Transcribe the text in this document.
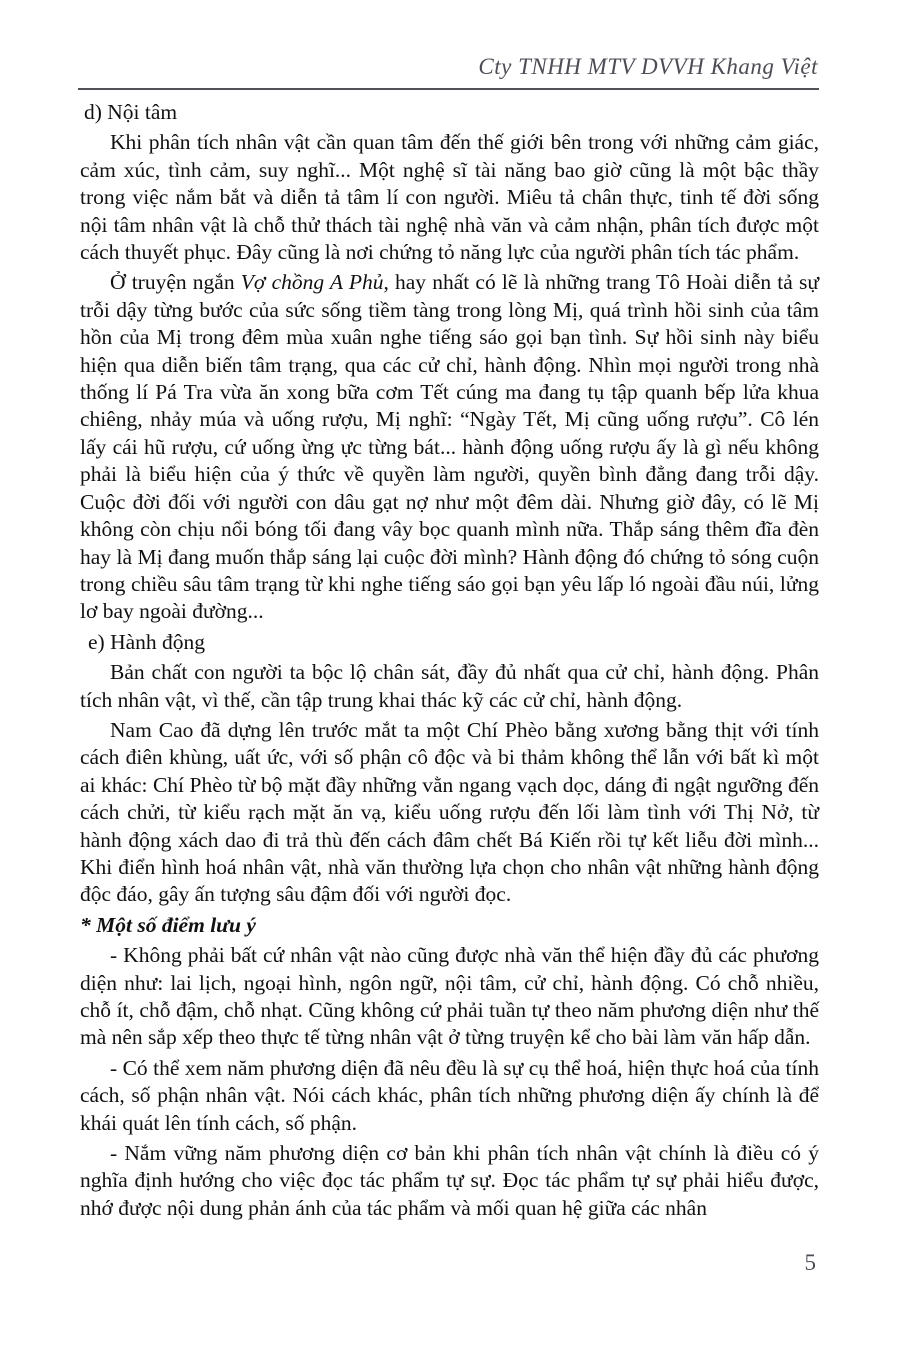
Cty TNHH MTV DVVH Khang Việt

d) Nội tâm

Khi phân tích nhân vật cần quan tâm đến thế giới bên trong với những cảm giác, cảm xúc, tình cảm, suy nghĩ... Một nghệ sĩ tài năng bao giờ cũng là một bậc thầy trong việc nắm bắt và diễn tả tâm lí con người. Miêu tả chân thực, tinh tế đời sống nội tâm nhân vật là chỗ thử thách tài nghệ nhà văn và cảm nhận, phân tích được một cách thuyết phục. Đây cũng là nơi chứng tỏ năng lực của người phân tích tác phẩm.

Ở truyện ngắn Vợ chồng A Phủ, hay nhất có lẽ là những trang Tô Hoài diễn tả sự trỗi dậy từng bước của sức sống tiềm tàng trong lòng Mị, quá trình hồi sinh của tâm hồn của Mị trong đêm mùa xuân nghe tiếng sáo gọi bạn tình. Sự hồi sinh này biểu hiện qua diễn biến tâm trạng, qua các cử chỉ, hành động. Nhìn mọi người trong nhà thống lí Pá Tra vừa ăn xong bữa cơm Tết cúng ma đang tụ tập quanh bếp lửa khua chiêng, nhảy múa và uống rượu, Mị nghĩ: “Ngày Tết, Mị cũng uống rượu”. Cô lén lấy cái hũ rượu, cứ uống ừng ực từng bát... hành động uống rượu ấy là gì nếu không phải là biểu hiện của ý thức về quyền làm người, quyền bình đẳng đang trỗi dậy. Cuộc đời đối với người con dâu gạt nợ như một đêm dài. Nhưng giờ đây, có lẽ Mị không còn chịu nổi bóng tối đang vây bọc quanh mình nữa. Thắp sáng thêm đĩa đèn hay là Mị đang muốn thắp sáng lại cuộc đời mình? Hành động đó chứng tỏ sóng cuộn trong chiều sâu tâm trạng từ khi nghe tiếng sáo gọi bạn yêu lấp ló ngoài đầu núi, lửng lơ bay ngoài đường...

e) Hành động

Bản chất con người ta bộc lộ chân sát, đầy đủ nhất qua cử chỉ, hành động. Phân tích nhân vật, vì thế, cần tập trung khai thác kỹ các cử chỉ, hành động.

Nam Cao đã dựng lên trước mắt ta một Chí Phèo bằng xương bằng thịt với tính cách điên khùng, uất ức, với số phận cô độc và bi thảm không thể lẫn với bất kì một ai khác: Chí Phèo từ bộ mặt đầy những vằn ngang vạch dọc, dáng đi ngật ngưỡng đến cách chửi, từ kiểu rạch mặt ăn vạ, kiểu uống rượu đến lối làm tình với Thị Nở, từ hành động xách dao đi trả thù đến cách đâm chết Bá Kiến rồi tự kết liễu đời mình... Khi điển hình hoá nhân vật, nhà văn thường lựa chọn cho nhân vật những hành động độc đáo, gây ấn tượng sâu đậm đối với người đọc.

* Một số điểm lưu ý

- Không phải bất cứ nhân vật nào cũng được nhà văn thể hiện đầy đủ các phương diện như: lai lịch, ngoại hình, ngôn ngữ, nội tâm, cử chỉ, hành động. Có chỗ nhiều, chỗ ít, chỗ đậm, chỗ nhạt. Cũng không cứ phải tuần tự theo năm phương diện như thế mà nên sắp xếp theo thực tế từng nhân vật ở từng truyện kể cho bài làm văn hấp dẫn.

- Có thể xem năm phương diện đã nêu đều là sự cụ thể hoá, hiện thực hoá của tính cách, số phận nhân vật. Nói cách khác, phân tích những phương diện ấy chính là để khái quát lên tính cách, số phận.

- Nắm vững năm phương diện cơ bản khi phân tích nhân vật chính là điều có ý nghĩa định hướng cho việc đọc tác phẩm tự sự. Đọc tác phẩm tự sự phải hiểu được, nhớ được nội dung phản ánh của tác phẩm và mối quan hệ giữa các nhân

5
